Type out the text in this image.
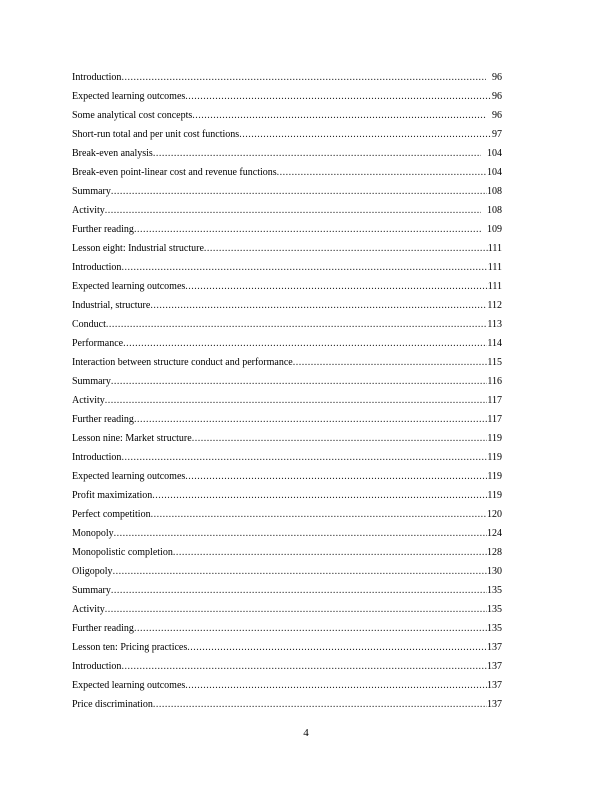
Introduction .....	96
Expected learning outcomes .....	96
Some analytical cost concepts .....	96
Short-run total and per unit cost functions .....	97
Break-even analysis .....	104
Break-even point-linear cost and revenue functions .....	104
Summary .....	108
Activity .....	108
Further reading .....	109
Lesson eight: Industrial structure .....	111
Introduction .....	111
Expected learning outcomes .....	111
Industrial, structure .....	112
Conduct .....	113
Performance .....	114
Interaction between structure conduct and performance .....	115
Summary .....	116
Activity .....	117
Further reading .....	117
Lesson nine: Market structure .....	119
Introduction .....	119
Expected learning outcomes .....	119
Profit maximization .....	119
Perfect competition .....	120
Monopoly .....	124
Monopolistic completion .....	128
Oligopoly .....	130
Summary .....	135
Activity .....	135
Further reading .....	135
Lesson ten: Pricing practices .....	137
Introduction .....	137
Expected learning outcomes .....	137
Price discrimination .....	137
4
